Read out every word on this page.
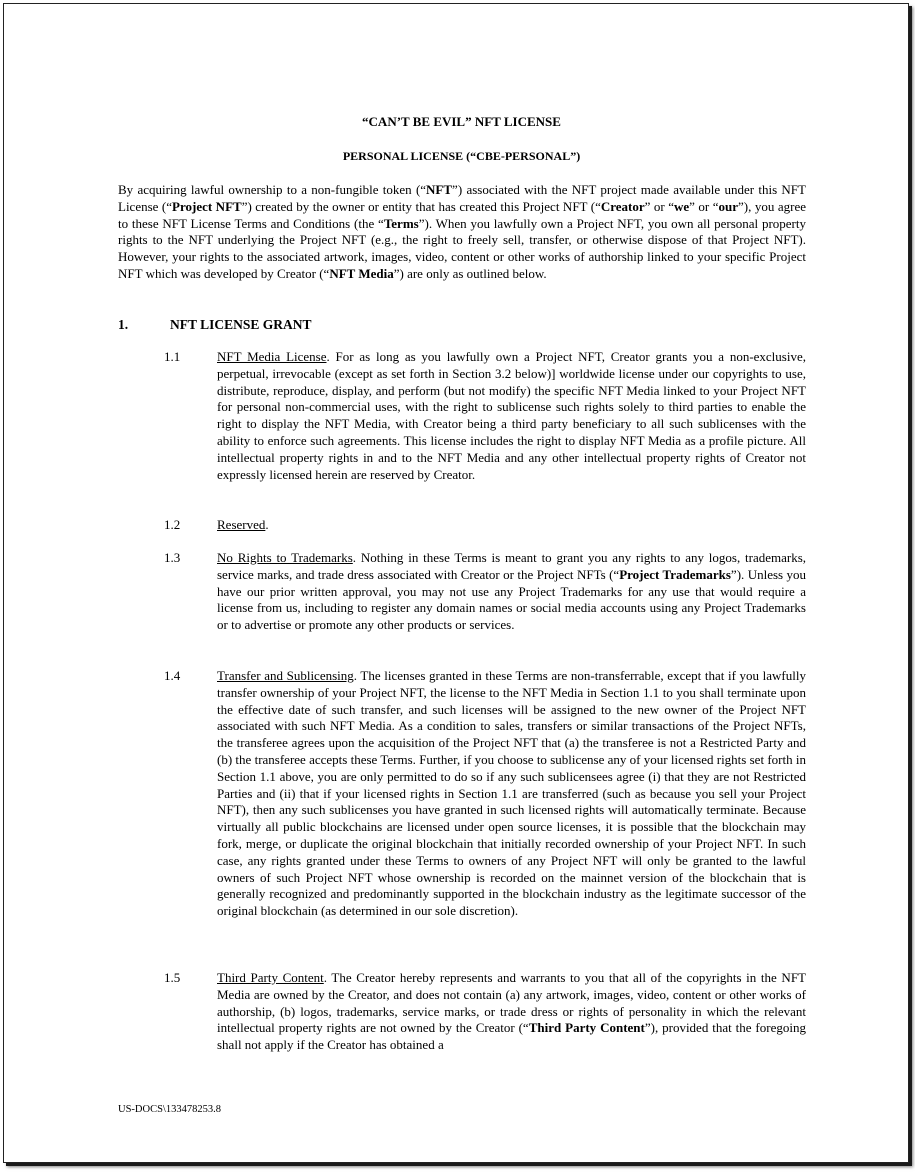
“CAN’T BE EVIL” NFT LICENSE
PERSONAL LICENSE (“CBE-PERSONAL”)
By acquiring lawful ownership to a non-fungible token (“NFT”) associated with the NFT project made available under this NFT License (“Project NFT”) created by the owner or entity that has created this Project NFT (“Creator” or “we” or “our”), you agree to these NFT License Terms and Conditions (the “Terms”). When you lawfully own a Project NFT, you own all personal property rights to the NFT underlying the Project NFT (e.g., the right to freely sell, transfer, or otherwise dispose of that Project NFT). However, your rights to the associated artwork, images, video, content or other works of authorship linked to your specific Project NFT which was developed by Creator (“NFT Media”) are only as outlined below.
1.	NFT LICENSE GRANT
1.1	NFT Media License. For as long as you lawfully own a Project NFT, Creator grants you a non-exclusive, perpetual, irrevocable (except as set forth in Section 3.2 below)] worldwide license under our copyrights to use, distribute, reproduce, display, and perform (but not modify) the specific NFT Media linked to your Project NFT for personal non-commercial uses, with the right to sublicense such rights solely to third parties to enable the right to display the NFT Media, with Creator being a third party beneficiary to all such sublicenses with the ability to enforce such agreements. This license includes the right to display NFT Media as a profile picture. All intellectual property rights in and to the NFT Media and any other intellectual property rights of Creator not expressly licensed herein are reserved by Creator.
1.2	Reserved.
1.3	No Rights to Trademarks. Nothing in these Terms is meant to grant you any rights to any logos, trademarks, service marks, and trade dress associated with Creator or the Project NFTs (“Project Trademarks”). Unless you have our prior written approval, you may not use any Project Trademarks for any use that would require a license from us, including to register any domain names or social media accounts using any Project Trademarks or to advertise or promote any other products or services.
1.4	Transfer and Sublicensing. The licenses granted in these Terms are non-transferrable, except that if you lawfully transfer ownership of your Project NFT, the license to the NFT Media in Section 1.1 to you shall terminate upon the effective date of such transfer, and such licenses will be assigned to the new owner of the Project NFT associated with such NFT Media. As a condition to sales, transfers or similar transactions of the Project NFTs, the transferee agrees upon the acquisition of the Project NFT that (a) the transferee is not a Restricted Party and (b) the transferee accepts these Terms. Further, if you choose to sublicense any of your licensed rights set forth in Section 1.1 above, you are only permitted to do so if any such sublicensees agree (i) that they are not Restricted Parties and (ii) that if your licensed rights in Section 1.1 are transferred (such as because you sell your Project NFT), then any such sublicenses you have granted in such licensed rights will automatically terminate. Because virtually all public blockchains are licensed under open source licenses, it is possible that the blockchain may fork, merge, or duplicate the original blockchain that initially recorded ownership of your Project NFT. In such case, any rights granted under these Terms to owners of any Project NFT will only be granted to the lawful owners of such Project NFT whose ownership is recorded on the mainnet version of the blockchain that is generally recognized and predominantly supported in the blockchain industry as the legitimate successor of the original blockchain (as determined in our sole discretion).
1.5	Third Party Content. The Creator hereby represents and warrants to you that all of the copyrights in the NFT Media are owned by the Creator, and does not contain (a) any artwork, images, video, content or other works of authorship, (b) logos, trademarks, service marks, or trade dress or rights of personality in which the relevant intellectual property rights are not owned by the Creator (“Third Party Content”), provided that the foregoing shall not apply if the Creator has obtained a
US-DOCS\133478253.8
